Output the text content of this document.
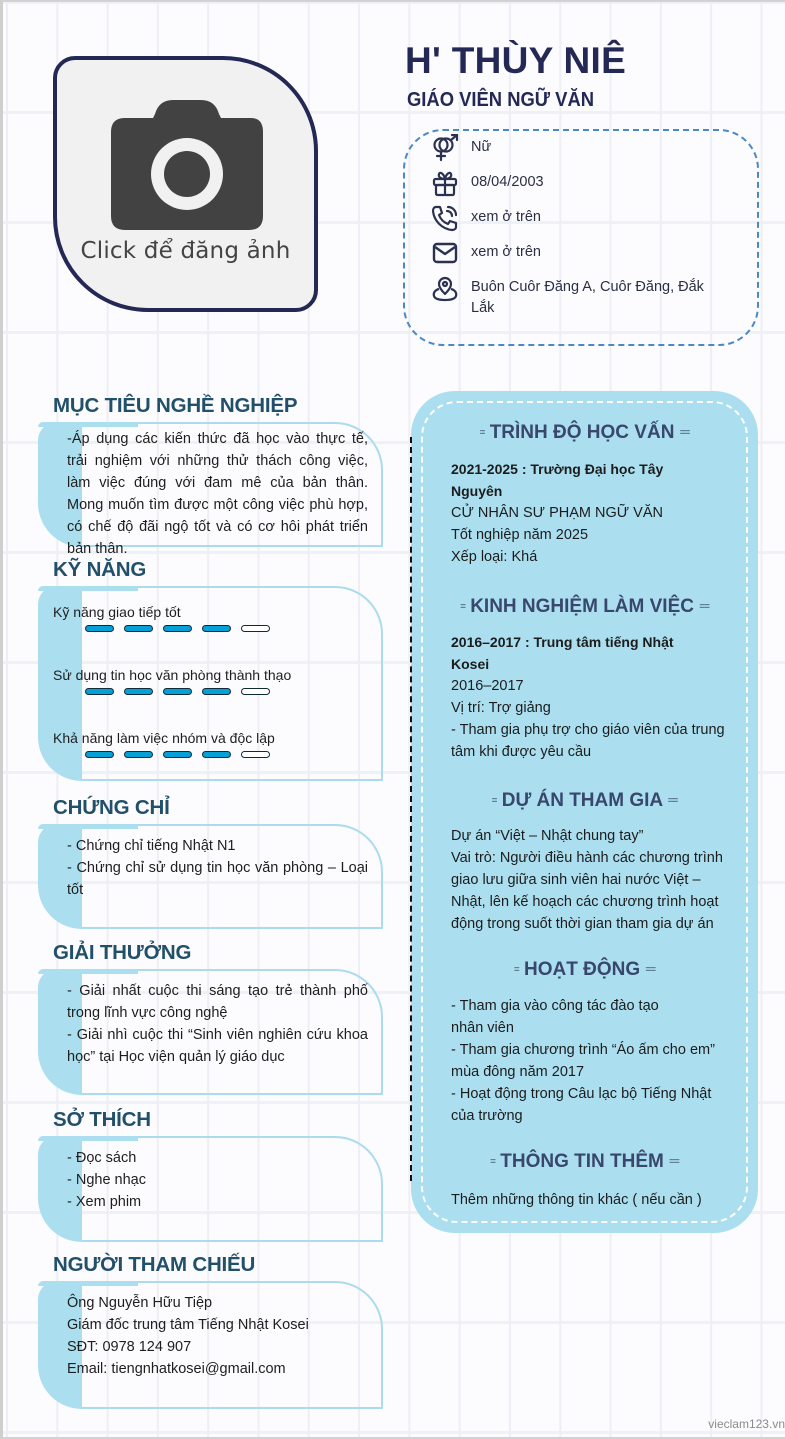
Click để đăng ảnh
H' THÙY NIÊ
GIÁO VIÊN NGỮ VĂN
Nữ
08/04/2003
xem ở trên
xem ở trên
Buôn Cuôr Đăng A, Cuôr Đăng, Đắk Lắk
MỤC TIÊU NGHỀ NGHIỆP
-Áp dụng các kiến thức đã học vào thực tế, trải nghiệm với những thử thách công việc, làm việc đúng với đam mê của bản thân. Mong muốn tìm được một công việc phù hợp, có chế độ đãi ngộ tốt và có cơ hôi phát triển bản thân.
KỸ NĂNG
Kỹ năng giao tiếp tốt
Sử dụng tin học văn phòng thành thạo
Khả năng làm việc nhóm và độc lập
CHỨNG CHỈ
- Chứng chỉ tiếng Nhật N1
- Chứng chỉ sử dụng tin học văn phòng – Loại tốt
GIẢI THƯỞNG
- Giải nhất cuộc thi sáng tạo trẻ thành phố trong lĩnh vực công nghệ
- Giải nhì cuộc thi “Sinh viên nghiên cứu khoa học” tại Học viện quản lý giáo dục
SỞ THÍCH
- Đọc sách
- Nghe nhạc
- Xem phim
NGƯỜI THAM CHIẾU
Ông Nguyễn Hữu Tiệp
Giám đốc trung tâm Tiếng Nhật Kosei
SĐT: 0978 124 907
Email: tiengnhatkosei@gmail.com
= TRÌNH ĐỘ HỌC VẤN ==
2021-2025 : Trường Đại học Tây Nguyên
CỬ NHÂN SƯ PHẠM NGỮ VĂN
Tốt nghiệp năm 2025
Xếp loại: Khá
= KINH NGHIỆM LÀM VIỆC ==
2016–2017 : Trung tâm tiếng Nhật Kosei
2016–2017
Vị trí: Trợ giảng
- Tham gia phụ trợ cho giáo viên của trung tâm khi được yêu cầu
= DỰ ÁN THAM GIA ==
Dự án “Việt – Nhật chung tay”
Vai trò: Người điều hành các chương trình giao lưu giữa sinh viên hai nước Việt – Nhật, lên kế hoạch các chương trình hoạt động trong suốt thời gian tham gia dự án
= HOẠT ĐỘNG ==
- Tham gia vào công tác đào tạo nhân viên
- Tham gia chương trình “Áo ấm cho em” mùa đông năm 2017
- Hoạt động trong Câu lạc bộ Tiếng Nhật của trường
= THÔNG TIN THÊM ==
Thêm những thông tin khác ( nếu cần )
vieclam123.vn
